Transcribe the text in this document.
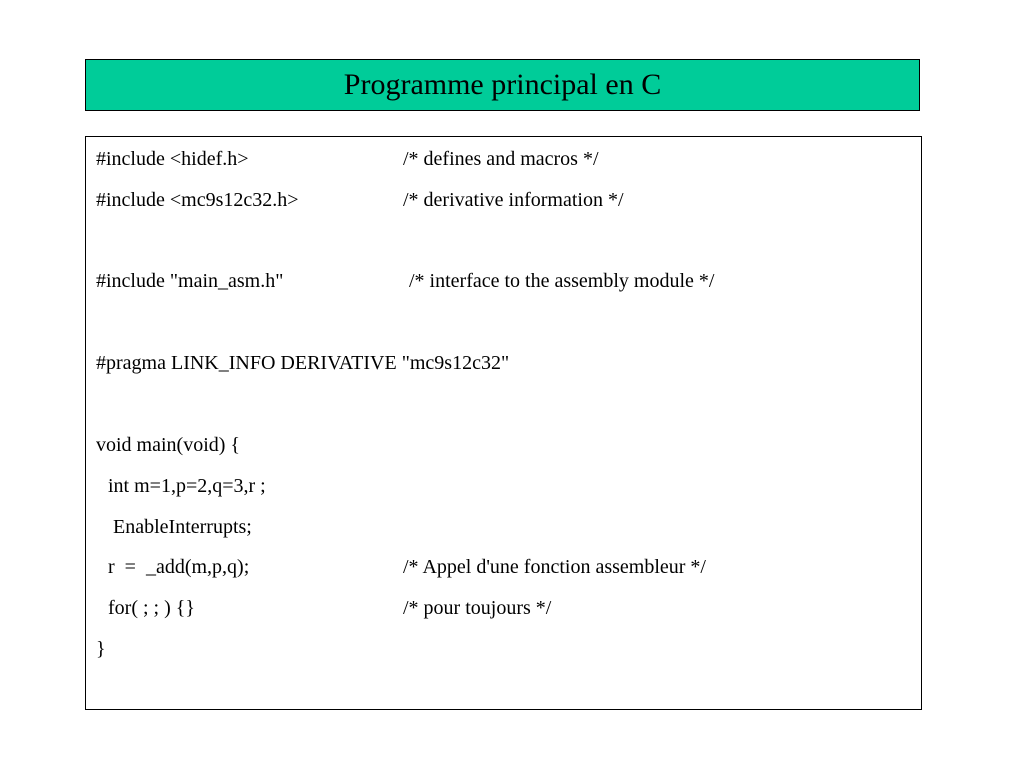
Programme principal en C

#include <hidef.h>

	/* defines and macros */

#include <mc9s12c32.h>

	/* derivative information */

#include "main_asm.h"

	/* interface to the assembly module */

#pragma LINK_INFO DERIVATIVE "mc9s12c32"

void main(void) {

int m=1,p=2,q=3,r ;

EnableInterrupts;

r  =  _add(m,p,q);

	/* Appel d'une fonction assembleur */

for( ; ; ) {}

	/* pour toujours */

}
